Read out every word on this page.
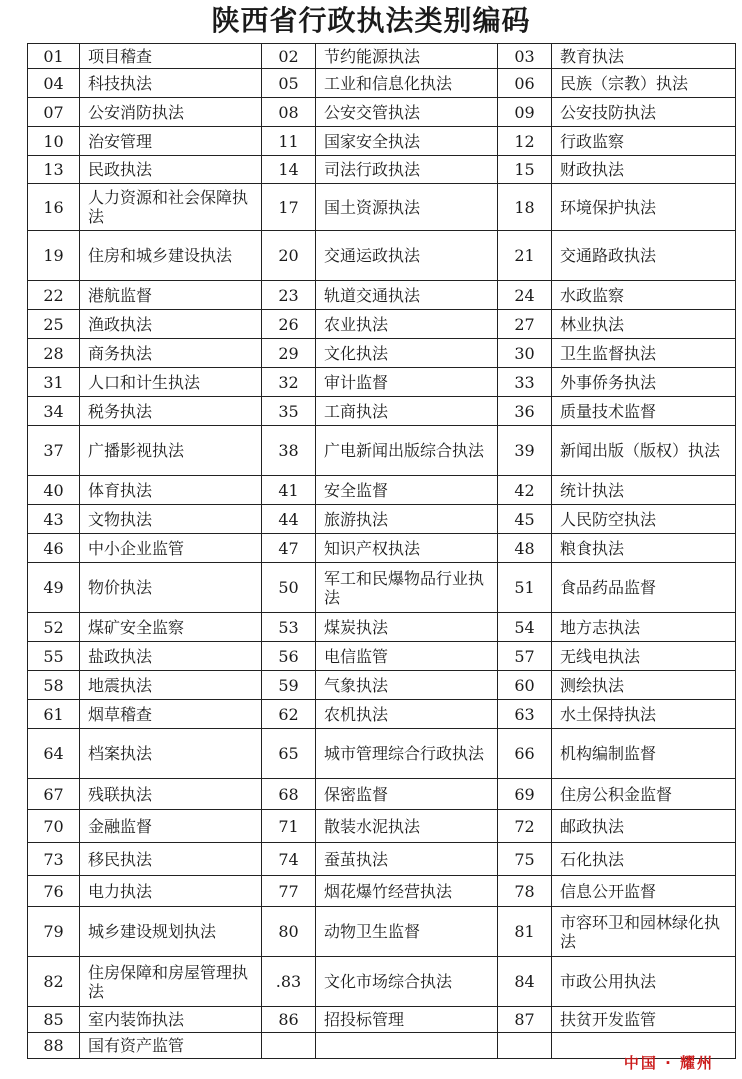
陕西省行政执法类别编码
01	项目稽查	02	节约能源执法	03	教育执法
04	科技执法	05	工业和信息化执法	06	民族（宗教）执法
07	公安消防执法	08	公安交管执法	09	公安技防执法
10	治安管理	11	国家安全执法	12	行政监察
13	民政执法	14	司法行政执法	15	财政执法
16	人力资源和社会保障执法	17	国土资源执法	18	环境保护执法
19	住房和城乡建设执法	20	交通运政执法	21	交通路政执法
22	港航监督	23	轨道交通执法	24	水政监察
25	渔政执法	26	农业执法	27	林业执法
28	商务执法	29	文化执法	30	卫生监督执法
31	人口和计生执法	32	审计监督	33	外事侨务执法
34	税务执法	35	工商执法	36	质量技术监督
37	广播影视执法	38	广电新闻出版综合执法	39	新闻出版（版权）执法
40	体育执法	41	安全监督	42	统计执法
43	文物执法	44	旅游执法	45	人民防空执法
46	中小企业监管	47	知识产权执法	48	粮食执法
49	物价执法	50	军工和民爆物品行业执法	51	食品药品监督
52	煤矿安全监察	53	煤炭执法	54	地方志执法
55	盐政执法	56	电信监管	57	无线电执法
58	地震执法	59	气象执法	60	测绘执法
61	烟草稽查	62	农机执法	63	水土保持执法
64	档案执法	65	城市管理综合行政执法	66	机构编制监督
67	残联执法	68	保密监督	69	住房公积金监督
70	金融监督	71	散装水泥执法	72	邮政执法
73	移民执法	74	蚕茧执法	75	石化执法
76	电力执法	77	烟花爆竹经营执法	78	信息公开监督
79	城乡建设规划执法	80	动物卫生监督	81	市容环卫和园林绿化执法
82	住房保障和房屋管理执法	.83	文化市场综合执法	84	市政公用执法
85	室内装饰执法	86	招投标管理	87	扶贫开发监管
88	国有资产监管				
中国 · 耀州
